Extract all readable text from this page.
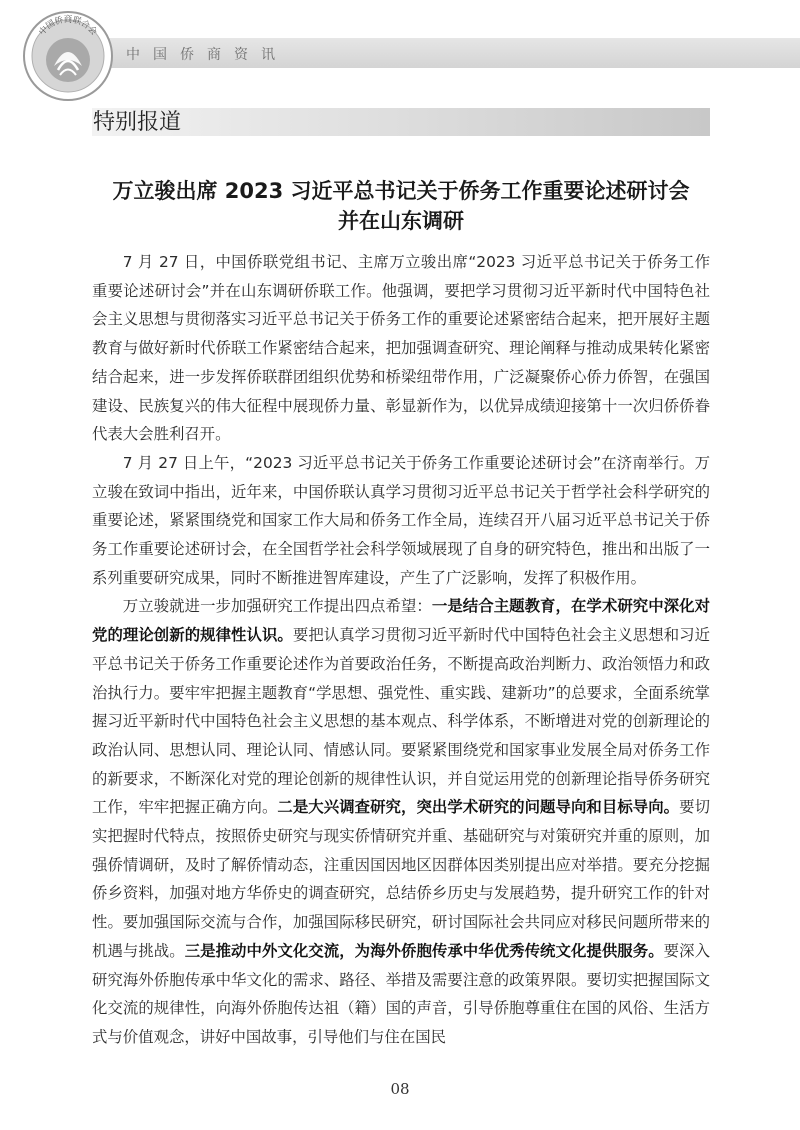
中国侨商资讯
中国侨商联合会
特别报道
万立骏出席 2023 习近平总书记关于侨务工作重要论述研讨会
并在山东调研

7 月 27 日，中国侨联党组书记、主席万立骏出席“2023 习近平总书记关于侨务工作重要论述研讨会”并在山东调研侨联工作。他强调，要把学习贯彻习近平新时代中国特色社会主义思想与贯彻落实习近平总书记关于侨务工作的重要论述紧密结合起来，把开展好主题教育与做好新时代侨联工作紧密结合起来，把加强调查研究、理论阐释与推动成果转化紧密结合起来，进一步发挥侨联群团组织优势和桥梁纽带作用，广泛凝聚侨心侨力侨智，在强国建设、民族复兴的伟大征程中展现侨力量、彰显新作为，以优异成绩迎接第十一次归侨侨眷代表大会胜利召开。

7 月 27 日上午，“2023 习近平总书记关于侨务工作重要论述研讨会”在济南举行。万立骏在致词中指出，近年来，中国侨联认真学习贯彻习近平总书记关于哲学社会科学研究的重要论述，紧紧围绕党和国家工作大局和侨务工作全局，连续召开八届习近平总书记关于侨务工作重要论述研讨会，在全国哲学社会科学领域展现了自身的研究特色，推出和出版了一系列重要研究成果，同时不断推进智库建设，产生了广泛影响，发挥了积极作用。

万立骏就进一步加强研究工作提出四点希望：一是结合主题教育，在学术研究中深化对党的理论创新的规律性认识。要把认真学习贯彻习近平新时代中国特色社会主义思想和习近平总书记关于侨务工作重要论述作为首要政治任务，不断提高政治判断力、政治领悟力和政治执行力。要牢牢把握主题教育“学思想、强党性、重实践、建新功”的总要求，全面系统掌握习近平新时代中国特色社会主义思想的基本观点、科学体系，不断增进对党的创新理论的政治认同、思想认同、理论认同、情感认同。要紧紧围绕党和国家事业发展全局对侨务工作的新要求，不断深化对党的理论创新的规律性认识，并自觉运用党的创新理论指导侨务研究工作，牢牢把握正确方向。二是大兴调查研究，突出学术研究的问题导向和目标导向。要切实把握时代特点，按照侨史研究与现实侨情研究并重、基础研究与对策研究并重的原则，加强侨情调研，及时了解侨情动态，注重因国因地区因群体因类别提出应对举措。要充分挖掘侨乡资料，加强对地方华侨史的调查研究，总结侨乡历史与发展趋势，提升研究工作的针对性。要加强国际交流与合作，加强国际移民研究，研讨国际社会共同应对移民问题所带来的机遇与挑战。三是推动中外文化交流，为海外侨胞传承中华优秀传统文化提供服务。要深入研究海外侨胞传承中华文化的需求、路径、举措及需要注意的政策界限。要切实把握国际文化交流的规律性，向海外侨胞传达祖（籍）国的声音，引导侨胞尊重住在国的风俗、生活方式与价值观念，讲好中国故事，引导他们与住在国民

08
